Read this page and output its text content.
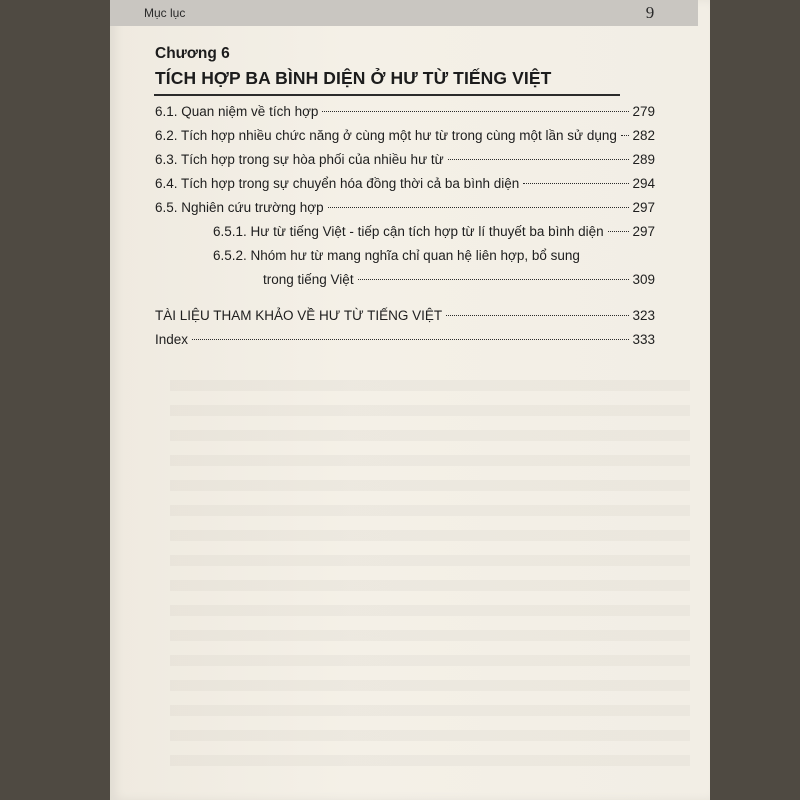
Mục lục	9
Chương 6
TÍCH HỢP BA BÌNH DIỆN Ở HƯ TỪ TIẾNG VIỆT
6.1. Quan niệm về tích hợp	279
6.2. Tích hợp nhiều chức năng ở cùng một hư từ trong cùng một lần sử dụng 282
6.3. Tích hợp trong sự hòa phối của nhiều hư từ	289
6.4. Tích hợp trong sự chuyển hóa đồng thời cả ba bình diện	294
6.5. Nghiên cứu trường hợp	297
6.5.1. Hư từ tiếng Việt - tiếp cận tích hợp từ lí thuyết ba bình diện 297
6.5.2. Nhóm hư từ mang nghĩa chỉ quan hệ liên hợp, bổ sung
trong tiếng Việt	309
TÀI LIỆU THAM KHẢO VỀ HƯ TỪ TIẾNG VIỆT	323
Index	333
